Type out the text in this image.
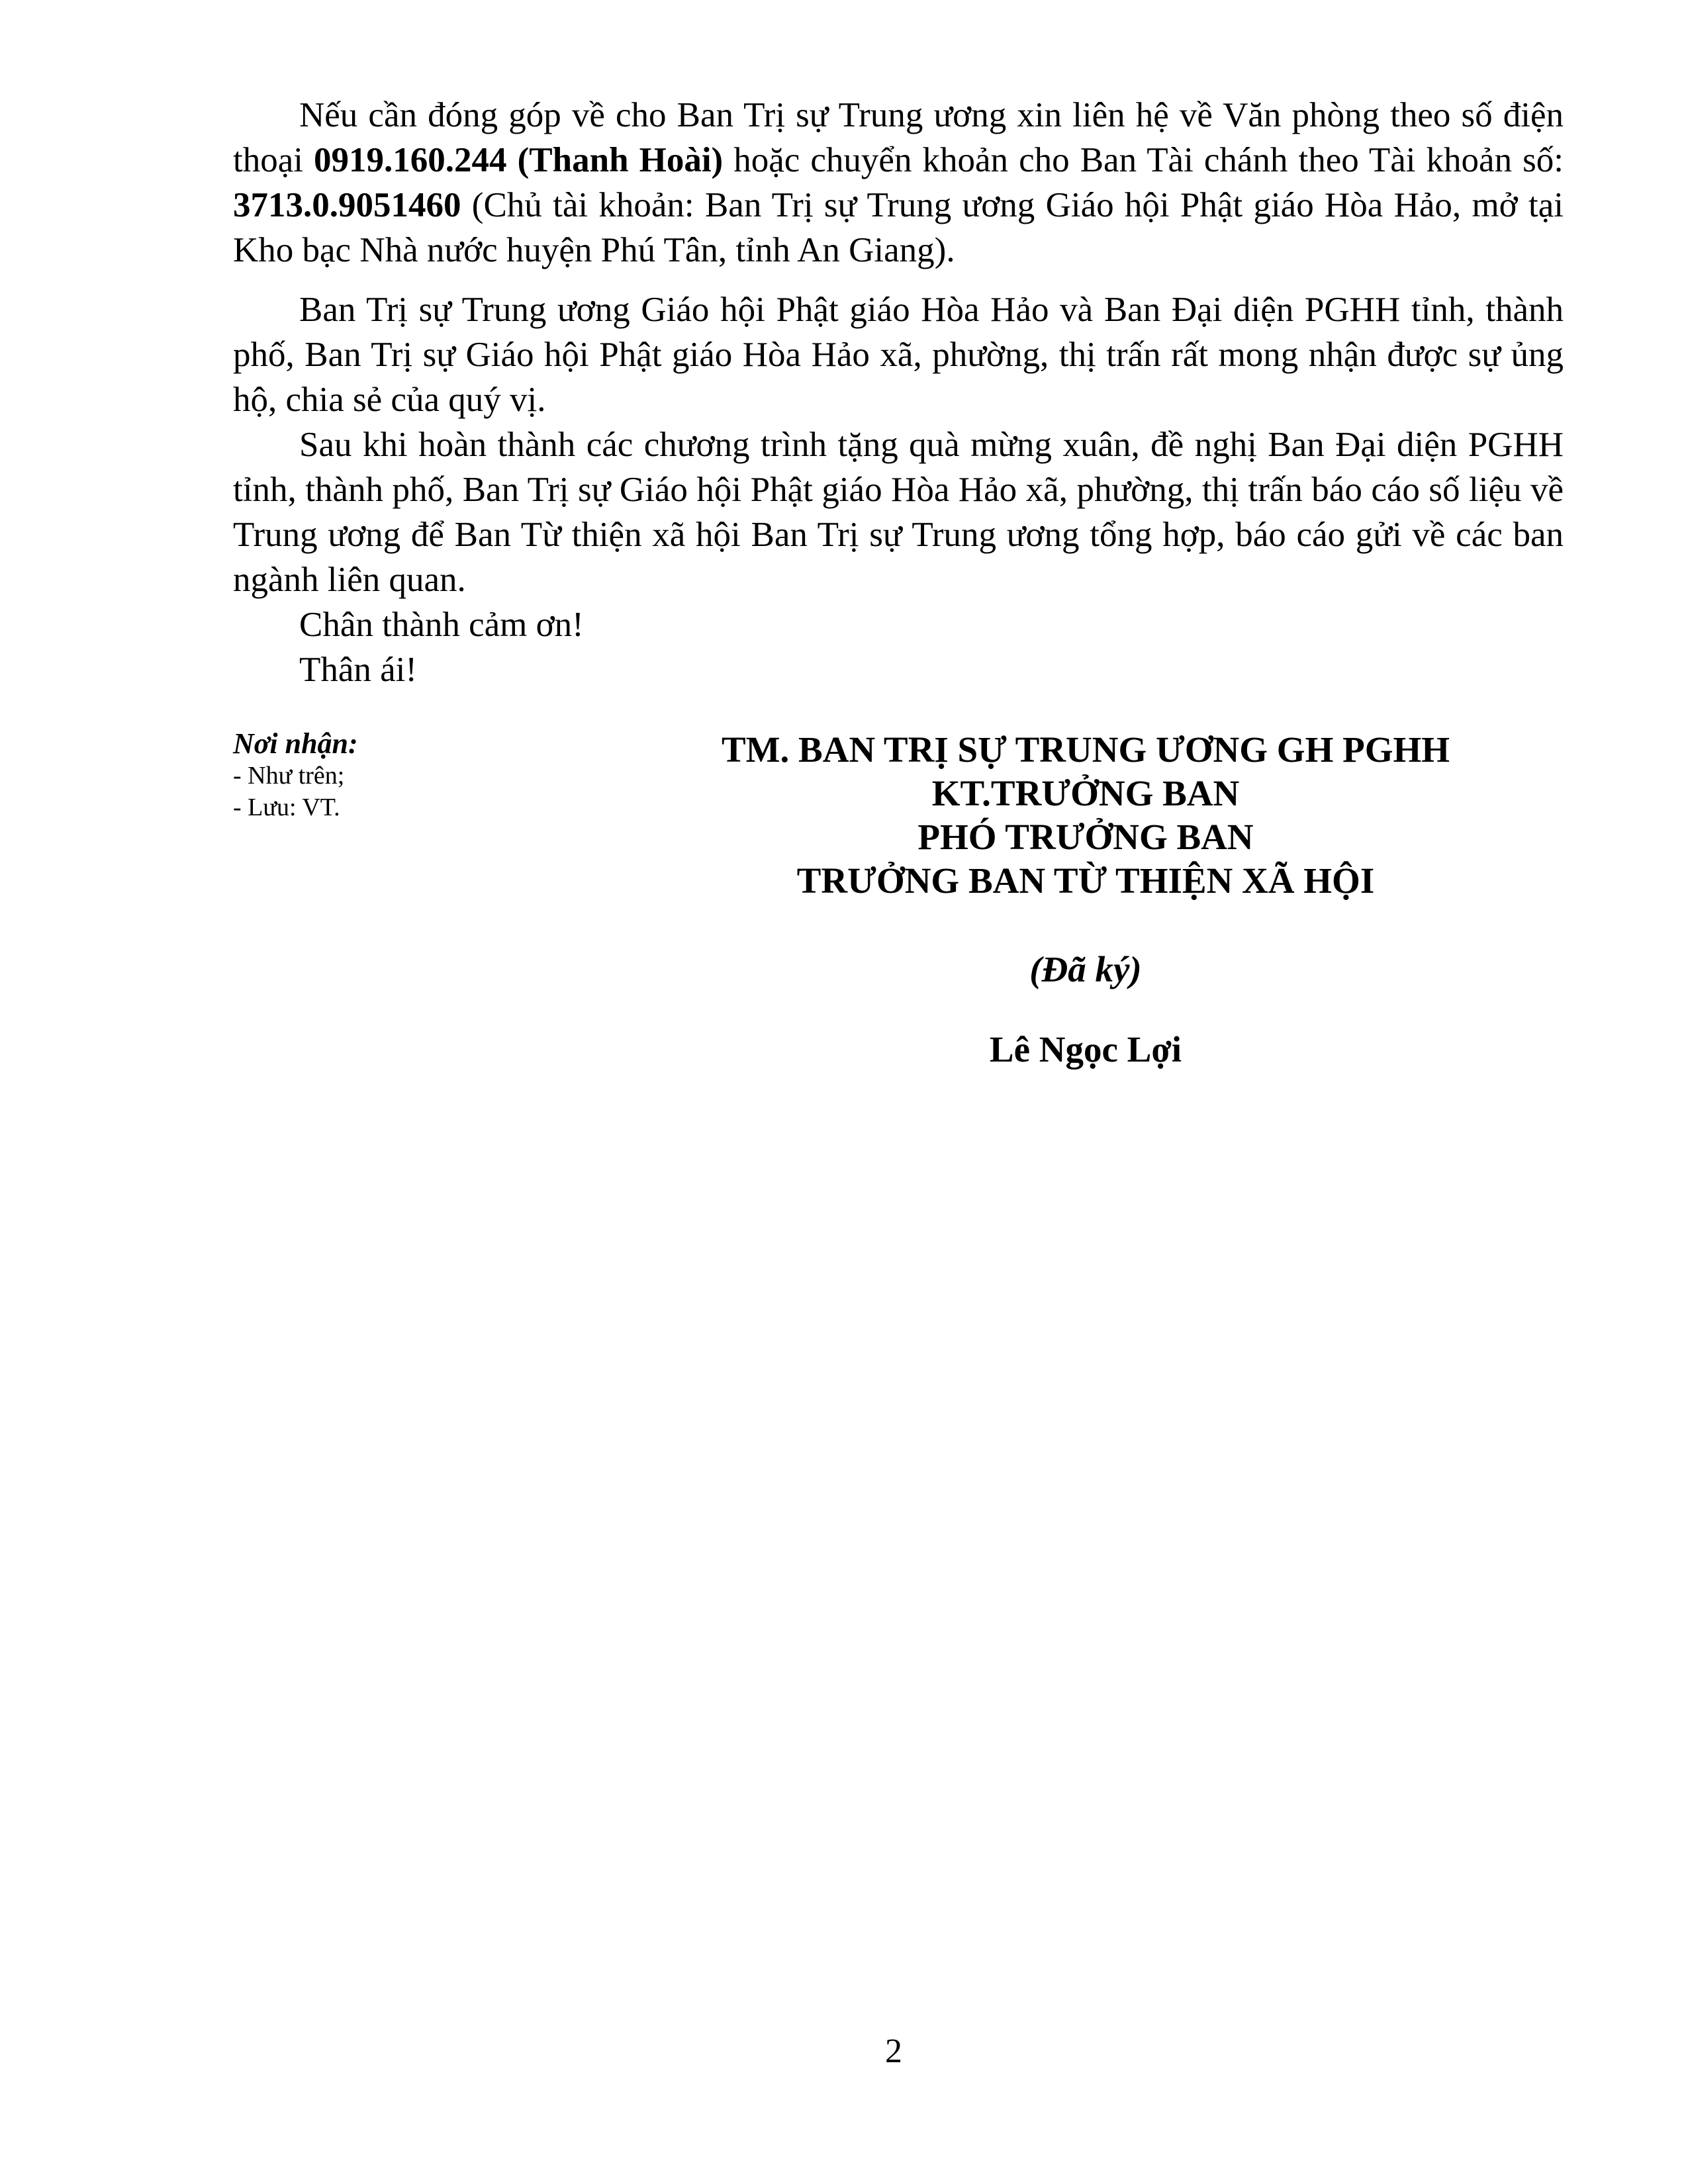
Nếu cần đóng góp về cho Ban Trị sự Trung ương xin liên hệ về Văn phòng theo số điện thoại 0919.160.244 (Thanh Hoài) hoặc chuyển khoản cho Ban Tài chánh theo Tài khoản số: 3713.0.9051460 (Chủ tài khoản: Ban Trị sự Trung ương Giáo hội Phật giáo Hòa Hảo, mở tại Kho bạc Nhà nước huyện Phú Tân, tỉnh An Giang).

Ban Trị sự Trung ương Giáo hội Phật giáo Hòa Hảo và Ban Đại diện PGHH tỉnh, thành phố, Ban Trị sự Giáo hội Phật giáo Hòa Hảo xã, phường, thị trấn rất mong nhận được sự ủng hộ, chia sẻ của quý vị.

Sau khi hoàn thành các chương trình tặng quà mừng xuân, đề nghị Ban Đại diện PGHH tỉnh, thành phố, Ban Trị sự Giáo hội Phật giáo Hòa Hảo xã, phường, thị trấn báo cáo số liệu về Trung ương để Ban Từ thiện xã hội Ban Trị sự Trung ương tổng hợp, báo cáo gửi về các ban ngành liên quan.

Chân thành cảm ơn!

Thân ái!

Nơi nhận:
- Như trên;
- Lưu: VT.
TM. BAN TRỊ SỰ TRUNG ƯƠNG GH PGHH
KT.TRƯỞNG BAN
PHÓ TRƯỞNG BAN
TRƯỞNG BAN TỪ THIỆN XÃ HỘI
(Đã ký)
Lê Ngọc Lợi
2
